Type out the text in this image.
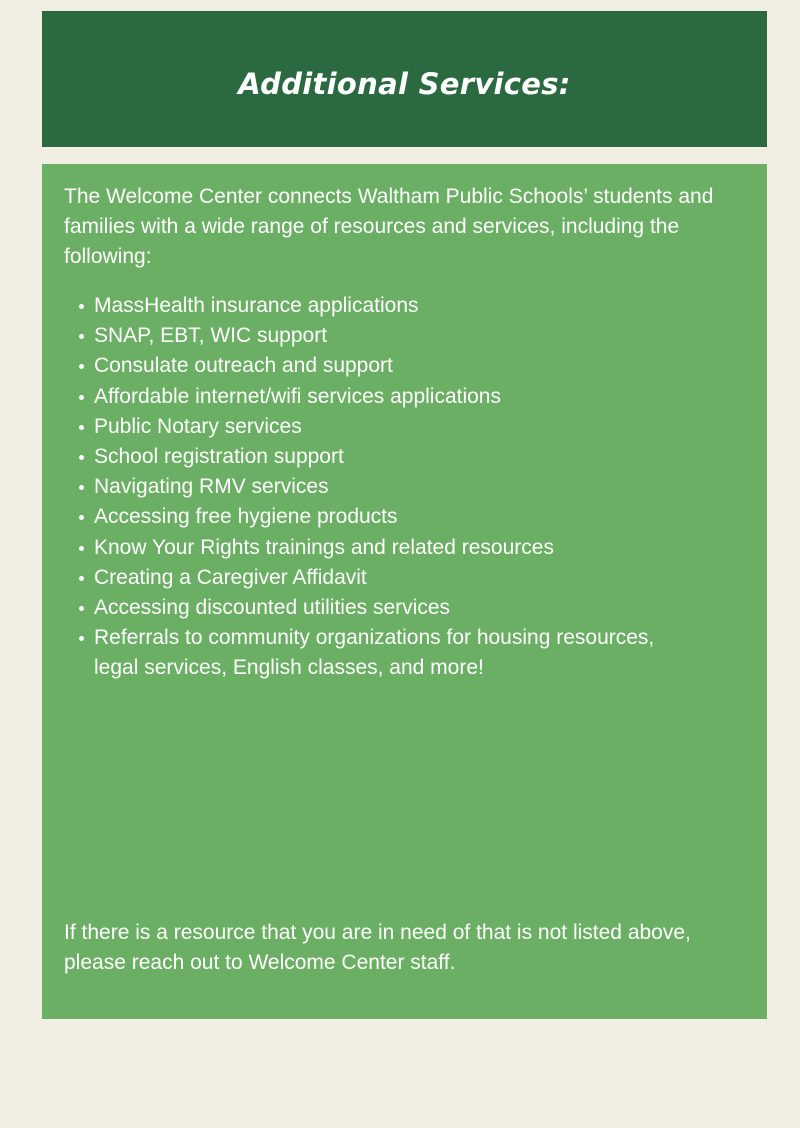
Additional Services:

The Welcome Center connects Waltham Public Schools’ students and families with a wide range of resources and services, including the following:

MassHealth insurance applications
SNAP, EBT, WIC support
Consulate outreach and support
Affordable internet/wifi services applications
Public Notary services
School registration support
Navigating RMV services
Accessing free hygiene products
Know Your Rights trainings and related resources
Creating a Caregiver Affidavit
Accessing discounted utilities services
Referrals to community organizations for housing resources, legal services, English classes, and more!

If there is a resource that you are in need of that is not listed above, please reach out to Welcome Center staff.
